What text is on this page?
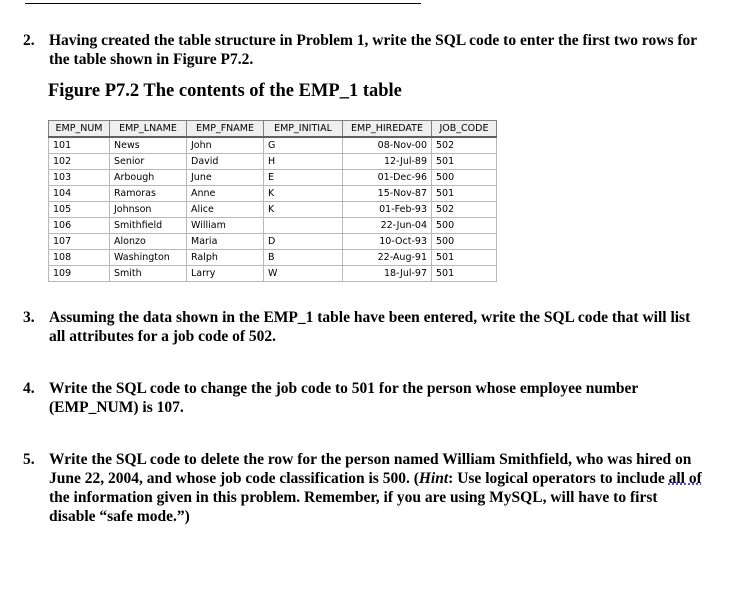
2. Having created the table structure in Problem 1, write the SQL code to enter the first two rows for the table shown in Figure P7.2.
Figure P7.2 The contents of the EMP_1 table
EMP_NUM	EMP_LNAME	EMP_FNAME	EMP_INITIAL	EMP_HIREDATE	JOB_CODE
101	News	John	G	08-Nov-00	502
102	Senior	David	H	12-Jul-89	501
103	Arbough	June	E	01-Dec-96	500
104	Ramoras	Anne	K	15-Nov-87	501
105	Johnson	Alice	K	01-Feb-93	502
106	Smithfield	William		22-Jun-04	500
107	Alonzo	Maria	D	10-Oct-93	500
108	Washington	Ralph	B	22-Aug-91	501
109	Smith	Larry	W	18-Jul-97	501
3. Assuming the data shown in the EMP_1 table have been entered, write the SQL code that will list all attributes for a job code of 502.
4. Write the SQL code to change the job code to 501 for the person whose employee number (EMP_NUM) is 107.
5. Write the SQL code to delete the row for the person named William Smithfield, who was hired on June 22, 2004, and whose job code classification is 500. (Hint: Use logical operators to include all of the information given in this problem. Remember, if you are using MySQL, will have to first disable “safe mode.”)
